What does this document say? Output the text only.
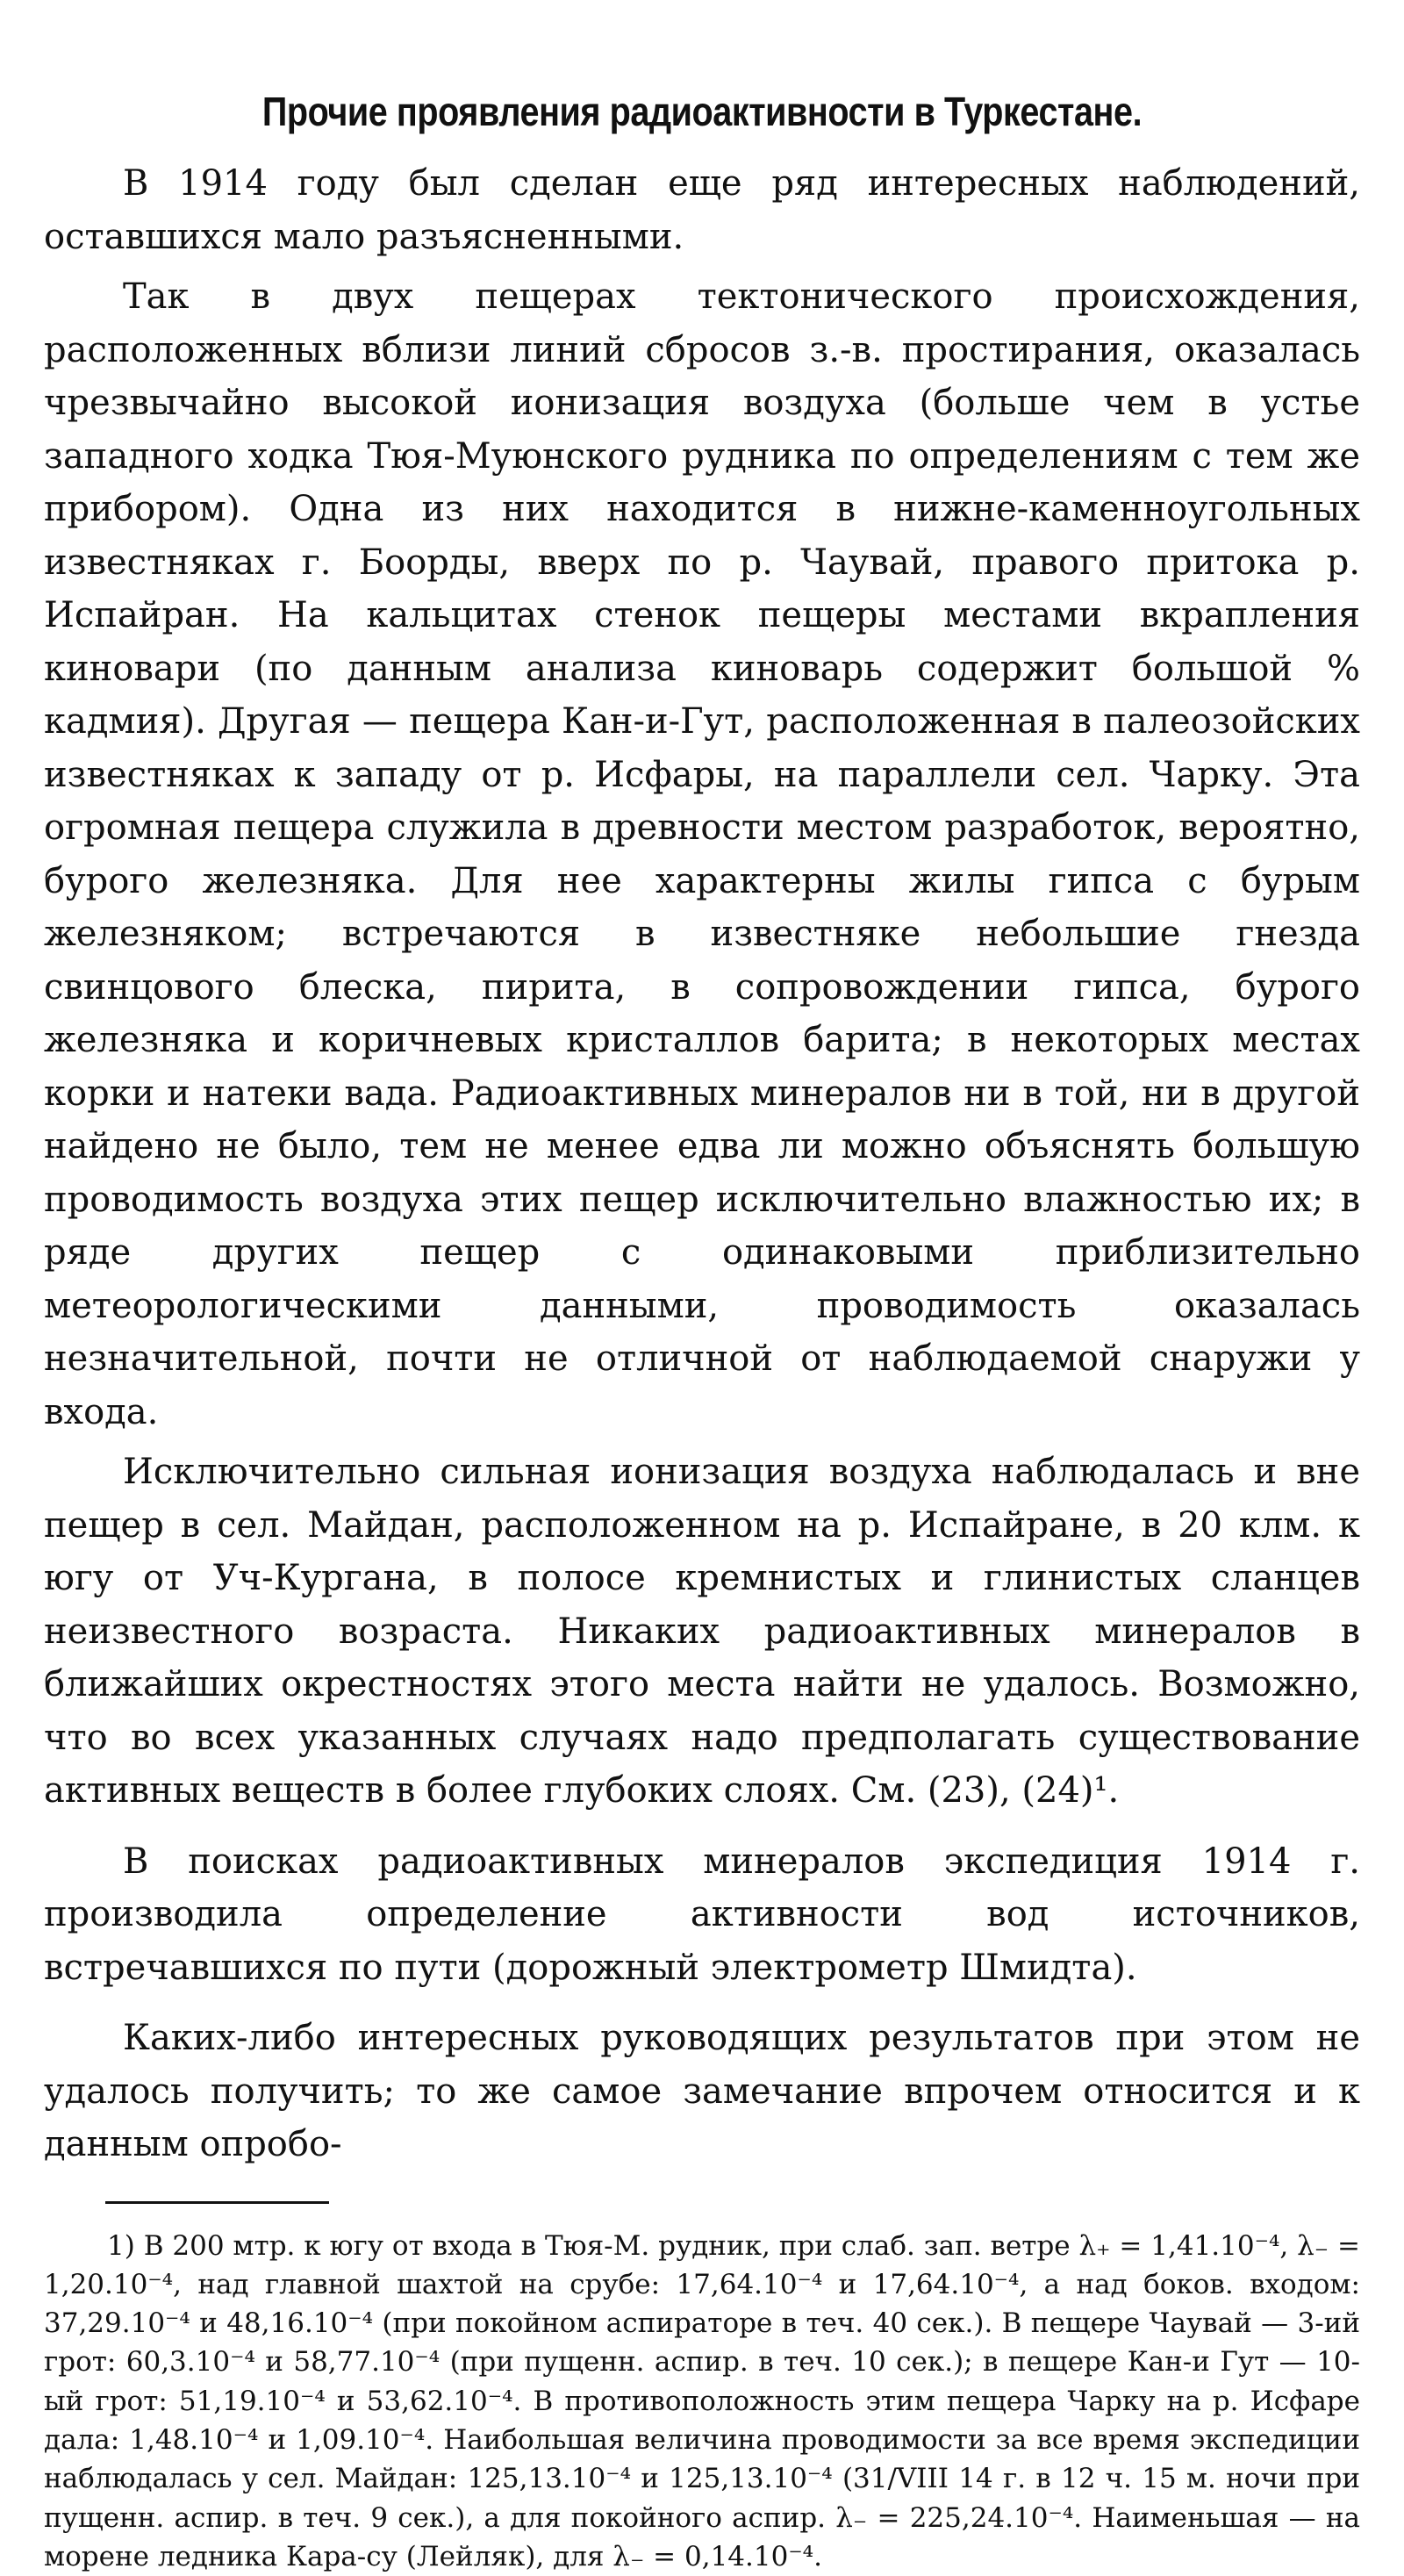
Прочие проявления радиоактивности в Туркестане.

В 1914 году был сделан еще ряд интересных наблюдений, оставшихся мало разъясненными.

Так в двух пещерах тектонического происхождения, расположенных вблизи линий сбросов з.-в. простирания, оказалась чрезвычайно высокой ионизация воздуха (больше чем в устье западного ходка Тюя-Муюнского рудника по определениям с тем же прибором). Одна из них находится в нижне-каменноугольных известняках г. Боорды, вверх по р. Чаувай, правого притока р. Испайран. На кальцитах стенок пещеры местами вкрапления киновари (по данным анализа киноварь содержит большой % кадмия). Другая — пещера Кан-и-Гут, расположенная в палеозойских известняках к западу от р. Исфары, на параллели сел. Чарку. Эта огромная пещера служила в древности местом разработок, вероятно, бурого железняка. Для нее характерны жилы гипса с бурым железняком; встречаются в известняке небольшие гнезда свинцового блеска, пирита, в сопровождении гипса, бурого железняка и коричневых кристаллов барита; в некоторых местах корки и натеки вада. Радиоактивных минералов ни в той, ни в другой найдено не было, тем не менее едва ли можно объяснять большую проводимость воздуха этих пещер исключительно влажностью их; в ряде других пещер с одинаковыми приблизительно метеорологическими данными, проводимость оказалась незначительной, почти не отличной от наблюдаемой снаружи у входа.

Исключительно сильная ионизация воздуха наблюдалась и вне пещер в сел. Майдан, расположенном на р. Испайране, в 20 клм. к югу от Уч-Кургана, в полосе кремнистых и глинистых сланцев неизвестного возраста. Никаких радиоактивных минералов в ближайших окрестностях этого места найти не удалось. Возможно, что во всех указанных случаях надо предполагать существование активных веществ в более глубоких слоях. См. (23), (24)¹.

В поисках радиоактивных минералов экспедиция 1914 г. производила определение активности вод источников, встречавшихся по пути (дорожный электрометр Шмидта).

Каких-либо интересных руководящих результатов при этом не удалось получить; то же самое замечание впрочем относится и к данным опробо-

1) В 200 мтр. к югу от входа в Тюя-М. рудник, при слаб. зап. ветре λ₊ = 1,41.10⁻⁴, λ₋ = 1,20.10⁻⁴, над главной шахтой на срубе: 17,64.10⁻⁴ и 17,64.10⁻⁴, а над боков. входом: 37,29.10⁻⁴ и 48,16.10⁻⁴ (при покойном аспираторе в теч. 40 сек.). В пещере Чаувай — 3-ий грот: 60,3.10⁻⁴ и 58,77.10⁻⁴ (при пущенн. аспир. в теч. 10 сек.); в пещере Кан-и Гут — 10-ый грот: 51,19.10⁻⁴ и 53,62.10⁻⁴. В противоположность этим пещера Чарку на р. Исфаре дала: 1,48.10⁻⁴ и 1,09.10⁻⁴. Наибольшая величина проводимости за все время экспедиции наблюдалась у сел. Майдан: 125,13.10⁻⁴ и 125,13.10⁻⁴ (31/VIII 14 г. в 12 ч. 15 м. ночи при пущенн. аспир. в теч. 9 сек.), а для покойного аспир. λ₋ = 225,24.10⁻⁴. Наименьшая — на морене ледника Кара-су (Лейляк), для λ₋ = 0,14.10⁻⁴.
